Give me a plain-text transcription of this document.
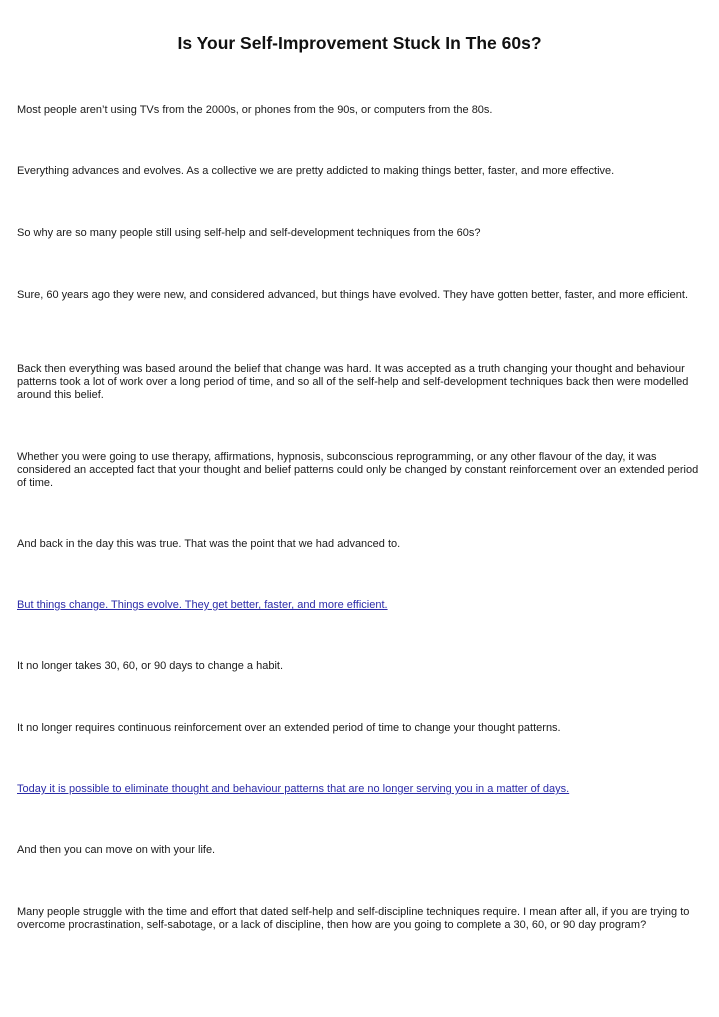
Is Your Self-Improvement Stuck In The 60s?

Most people aren’t using TVs from the 2000s, or phones from the 90s, or computers from the 80s.

Everything advances and evolves. As a collective we are pretty addicted to making things better, faster, and more effective.

So why are so many people still using self-help and self-development techniques from the 60s?

Sure, 60 years ago they were new, and considered advanced, but things have evolved. They have gotten better, faster, and more efficient.

Back then everything was based around the belief that change was hard. It was accepted as a truth changing your thought and behaviour patterns took a lot of work over a long period of time, and so all of the self-help and self-development techniques back then were modelled around this belief.

Whether you were going to use therapy, affirmations, hypnosis, subconscious reprogramming, or any other flavour of the day, it was considered an accepted fact that your thought and belief patterns could only be changed by constant reinforcement over an extended period of time.

And back in the day this was true. That was the point that we had advanced to.

But things change. Things evolve. They get better, faster, and more efficient.

It no longer takes 30, 60, or 90 days to change a habit.

It no longer requires continuous reinforcement over an extended period of time to change your thought patterns.

Today it is possible to eliminate thought and behaviour patterns that are no longer serving you in a matter of days.

And then you can move on with your life.

Many people struggle with the time and effort that dated self-help and self-discipline techniques require. I mean after all, if you are trying to overcome procrastination, self-sabotage, or a lack of discipline, then how are you going to complete a 30, 60, or 90 day program?
